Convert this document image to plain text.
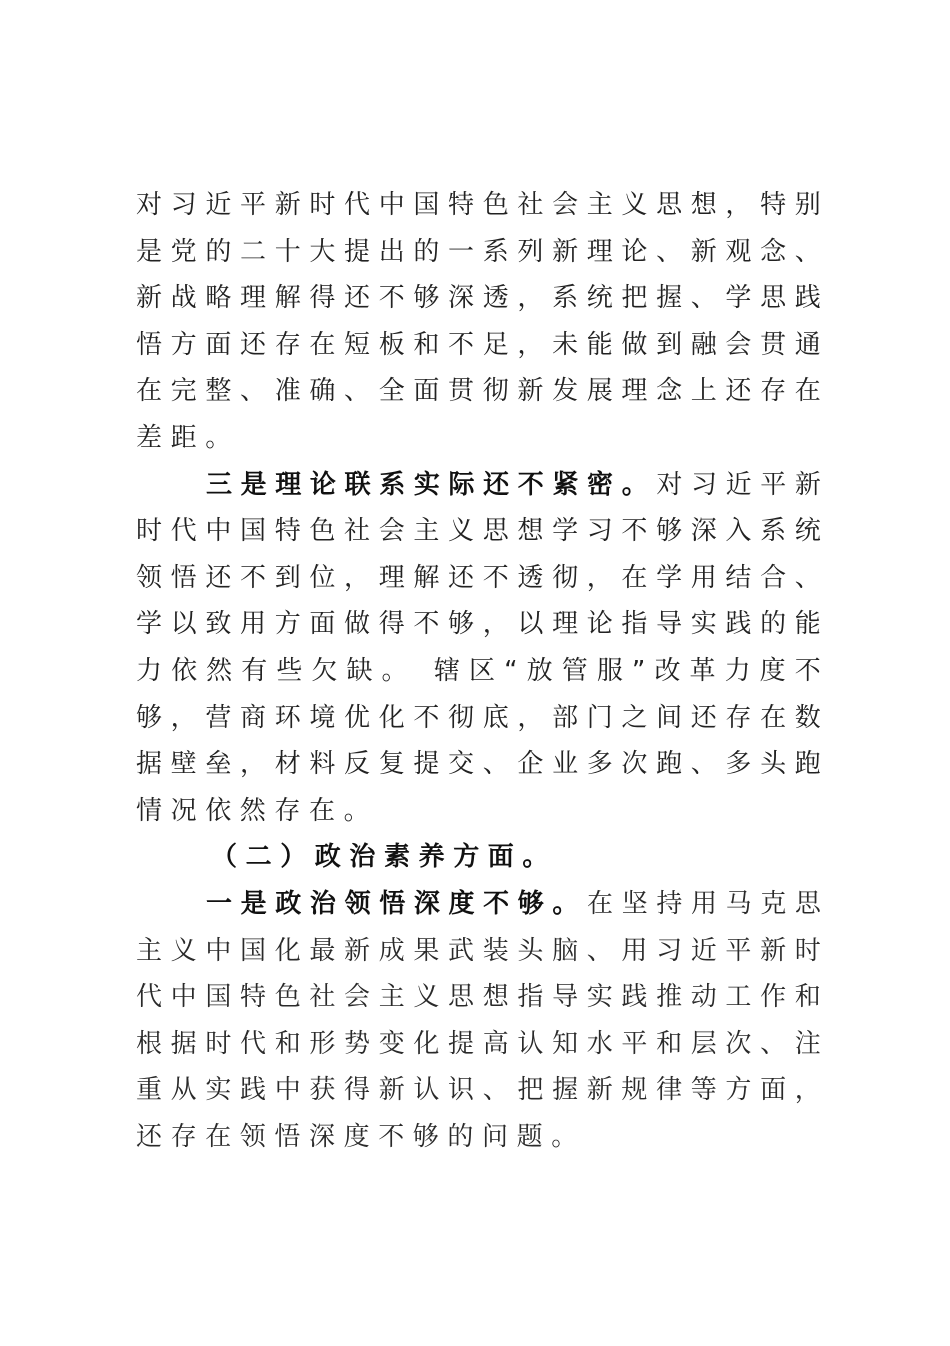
对 习 近 平 新 时 代 中 国 特 色 社 会 主 义 思 想 ， 特 别
是 党 的 二 十 大 提 出 的 一 系 列 新 理 论 、 新 观 念 、
新 战 略 理 解 得 还 不 够 深 透 ， 系 统 把 握 、 学 思 践
悟 方 面 还 存 在 短 板 和 不 足 ， 未 能 做 到 融 会 贯 通
在 完 整 、 准 确 、 全 面 贯 彻 新 发 展 理 念 上 还 存 在
差距。
三 是 理 论 联 系 实 际 还 不 紧 密 。 对 习 近 平 新
时 代 中 国 特 色 社 会 主 义 思 想 学 习 不 够 深 入 系 统
领 悟 还 不 到 位 ， 理 解 还 不 透 彻 ， 在 学 用 结 合 、
学 以 致 用 方 面 做 得 不 够 ， 以 理 论 指 导 实 践 的 能
力 依 然 有 些 欠 缺 。
辖 区 “ 放 管 服 ” 改 革 力 度 不
够 ， 营 商 环 境 优 化 不 彻 底 ， 部 门 之 间 还 存 在 数
据 壁 垒 ， 材 料 反 复 提 交 、 企 业 多 次 跑 、 多 头 跑
情况依然存在。
（二）政治素养方面。
一 是 政 治 领 悟 深 度 不 够 。 在 坚 持 用 马 克 思
主 义 中 国 化 最 新 成 果 武 装 头 脑 、 用 习 近 平 新 时
代 中 国 特 色 社 会 主 义 思 想 指 导 实 践 推 动 工 作 和
根 据 时 代 和 形 势 变 化 提 高 认 知 水 平 和 层 次 、 注
重 从 实 践 中 获 得 新 认 识 、 把 握 新 规 律 等 方 面 ，
还存在领悟深度不够的问题。
